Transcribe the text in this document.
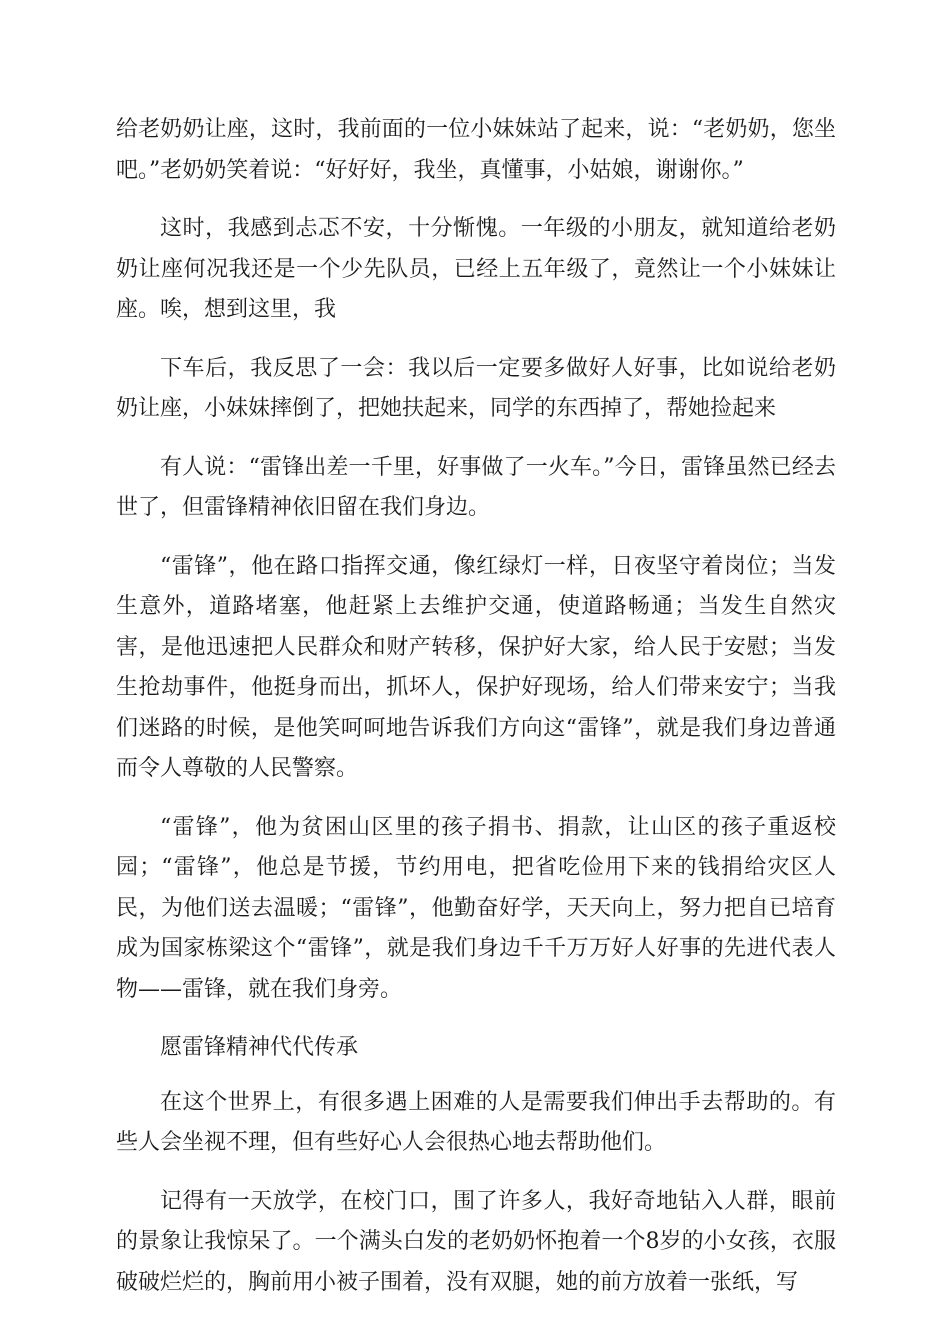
给老奶奶让座，这时，我前面的一位小妹妹站了起来，说：“老奶奶，您坐吧。”老奶奶笑着说：“好好好，我坐，真懂事，小姑娘，谢谢你。”

这时，我感到忐忑不安，十分惭愧。一年级的小朋友，就知道给老奶奶让座何况我还是一个少先队员，已经上五年级了，竟然让一个小妹妹让座。唉，想到这里，我

下车后，我反思了一会：我以后一定要多做好人好事，比如说给老奶奶让座，小妹妹摔倒了，把她扶起来，同学的东西掉了，帮她捡起来

有人说：“雷锋出差一千里，好事做了一火车。”今日，雷锋虽然已经去世了，但雷锋精神依旧留在我们身边。

“雷锋”，他在路口指挥交通，像红绿灯一样，日夜坚守着岗位；当发生意外，道路堵塞，他赶紧上去维护交通，使道路畅通；当发生自然灾害，是他迅速把人民群众和财产转移，保护好大家，给人民于安慰；当发生抢劫事件，他挺身而出，抓坏人，保护好现场，给人们带来安宁；当我们迷路的时候，是他笑呵呵地告诉我们方向这“雷锋”，就是我们身边普通而令人尊敬的人民警察。

“雷锋”，他为贫困山区里的孩子捐书、捐款，让山区的孩子重返校园；“雷锋”，他总是节援，节约用电，把省吃俭用下来的钱捐给灾区人民，为他们送去温暖；“雷锋”，他勤奋好学，天天向上，努力把自已培育成为国家栋梁这个“雷锋”，就是我们身边千千万万好人好事的先进代表人物——雷锋，就在我们身旁。

愿雷锋精神代代传承

在这个世界上，有很多遇上困难的人是需要我们伸出手去帮助的。有些人会坐视不理，但有些好心人会很热心地去帮助他们。

记得有一天放学，在校门口，围了许多人，我好奇地钻入人群，眼前的景象让我惊呆了。一个满头白发的老奶奶怀抱着一个8岁的小女孩，衣服破破烂烂的，胸前用小被子围着，没有双腿，她的前方放着一张纸，写
